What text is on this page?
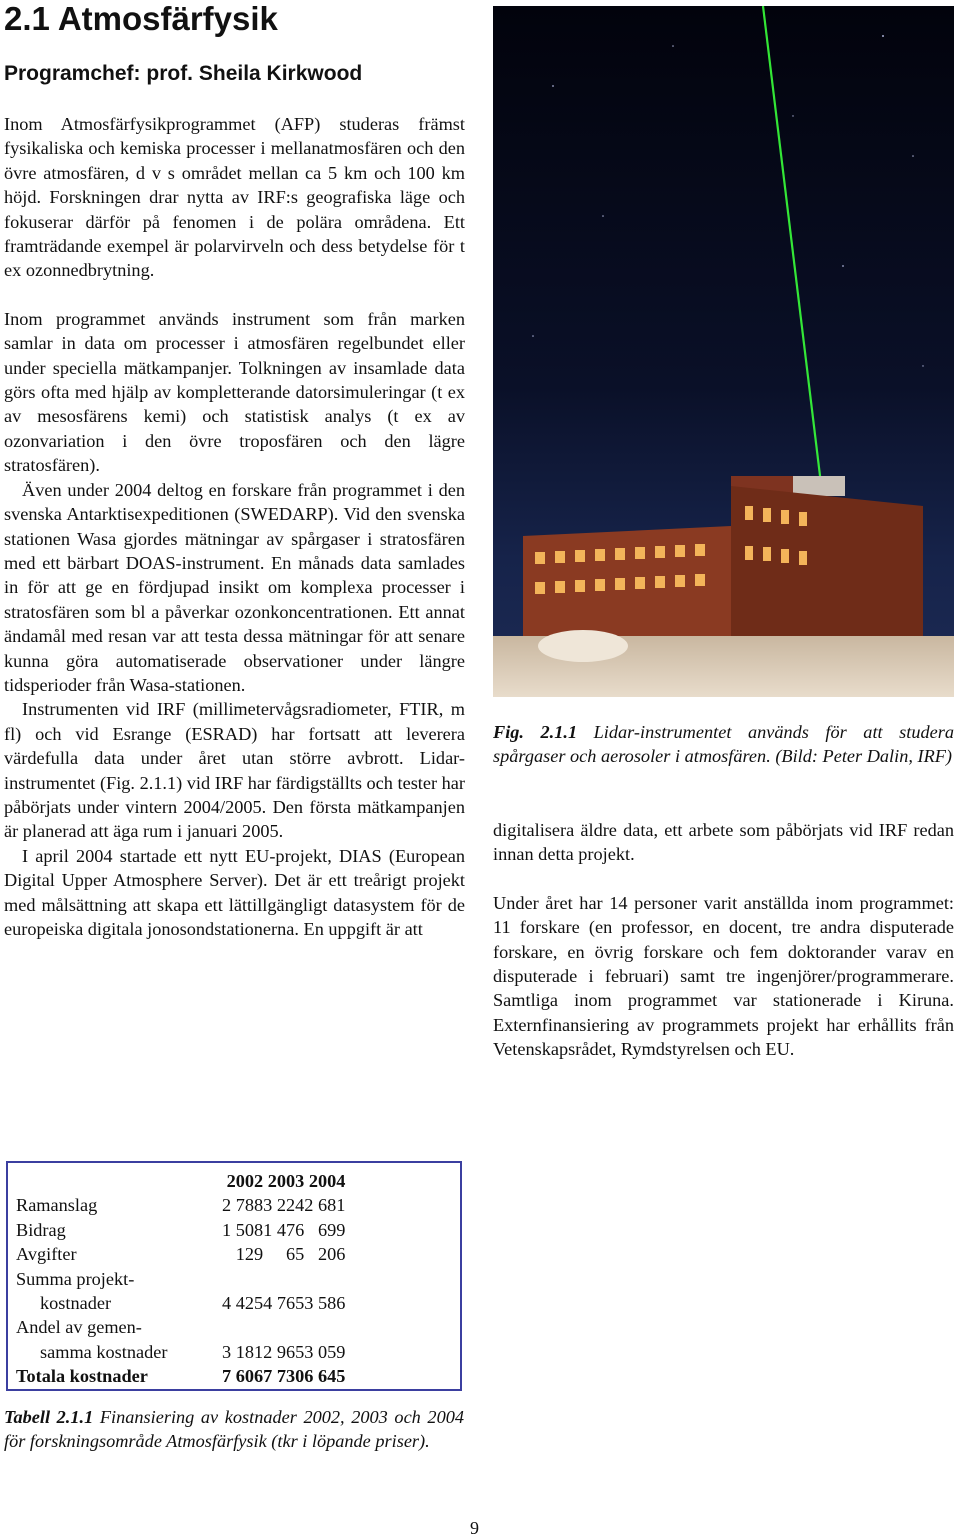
2.1 Atmosfärfysik
Programchef: prof. Sheila Kirkwood

Inom Atmosfärfysikprogrammet (AFP) studeras främst fysikaliska och kemiska processer i mellanatmosfären och den övre atmosfären, d v s området mellan ca 5 km och 100 km höjd. Forskningen drar nytta av IRF:s geografiska läge och fokuserar därför på fenomen i de polära områdena. Ett framträdande exempel är polarvirveln och dess betydelse för t ex ozonnedbrytning.

Inom programmet används instrument som från marken samlar in data om processer i atmosfären regelbundet eller under speciella mätkampanjer. Tolkningen av insamlade data görs ofta med hjälp av kompletterande datorsimuleringar (t ex av mesosfärens kemi) och statistisk analys (t ex av ozonvariation i den övre troposfären och den lägre stratosfären).

Även under 2004 deltog en forskare från programmet i den svenska Antarktisexpeditionen (SWEDARP). Vid den svenska stationen Wasa gjordes mätningar av spårgaser i stratosfären med ett bärbart DOAS-instrument. En månads data samlades in för att ge en fördjupad insikt om komplexa processer i stratosfären som bl a påverkar ozonkoncentrationen. Ett annat ändamål med resan var att testa dessa mätningar för att senare kunna göra automatiserade observationer under längre tidsperioder från Wasa-stationen.

Instrumenten vid IRF (millimetervågsradiometer, FTIR, m fl) och vid Esrange (ESRAD) har fortsatt att leverera värdefulla data under året utan större avbrott. Lidar-instrumentet (Fig. 2.1.1) vid IRF har färdigställts och tester har påbörjats under vintern 2004/2005. Den första mätkampanjen är planerad att äga rum i januari 2005.

I april 2004 startade ett nytt EU-projekt, DIAS (European Digital Upper Atmosphere Server). Det är ett treårigt projekt med målsättning att skapa ett lättillgängligt datasystem för de europeiska digitala jonosondstationerna. En uppgift är att

Fig. 2.1.1 Lidar-instrumentet används för att studera spårgaser och aerosoler i atmosfären. (Bild: Peter Dalin, IRF)

digitalisera äldre data, ett arbete som påbörjats vid IRF redan innan detta projekt.

Under året har 14 personer varit anställda inom programmet: 11 forskare (en professor, en docent, tre andra disputerade forskare, en övrig forskare och fem doktorander varav en disputerade i februari) samt tre ingenjörer/programmerare. Samtliga inom programmet var stationerade i Kiruna. Externfinansiering av programmets projekt har erhållits från Vetenskapsrådet, Rymdstyrelsen och EU.

	2002	2003	2004
Ramanslag	2 788	3 224	2 681
Bidrag	1 508	1 476	699
Avgifter	129	65	206
Summa projekt-			
kostnader	4 425	4 765	3 586
Andel av gemen-			
samma kostnader	3 181	2 965	3 059
Totala kostnader	7 606	7 730	6 645
Tabell 2.1.1 Finansiering av kostnader 2002, 2003 och 2004 för forskningsområde Atmosfärfysik (tkr i löpande priser).
9
